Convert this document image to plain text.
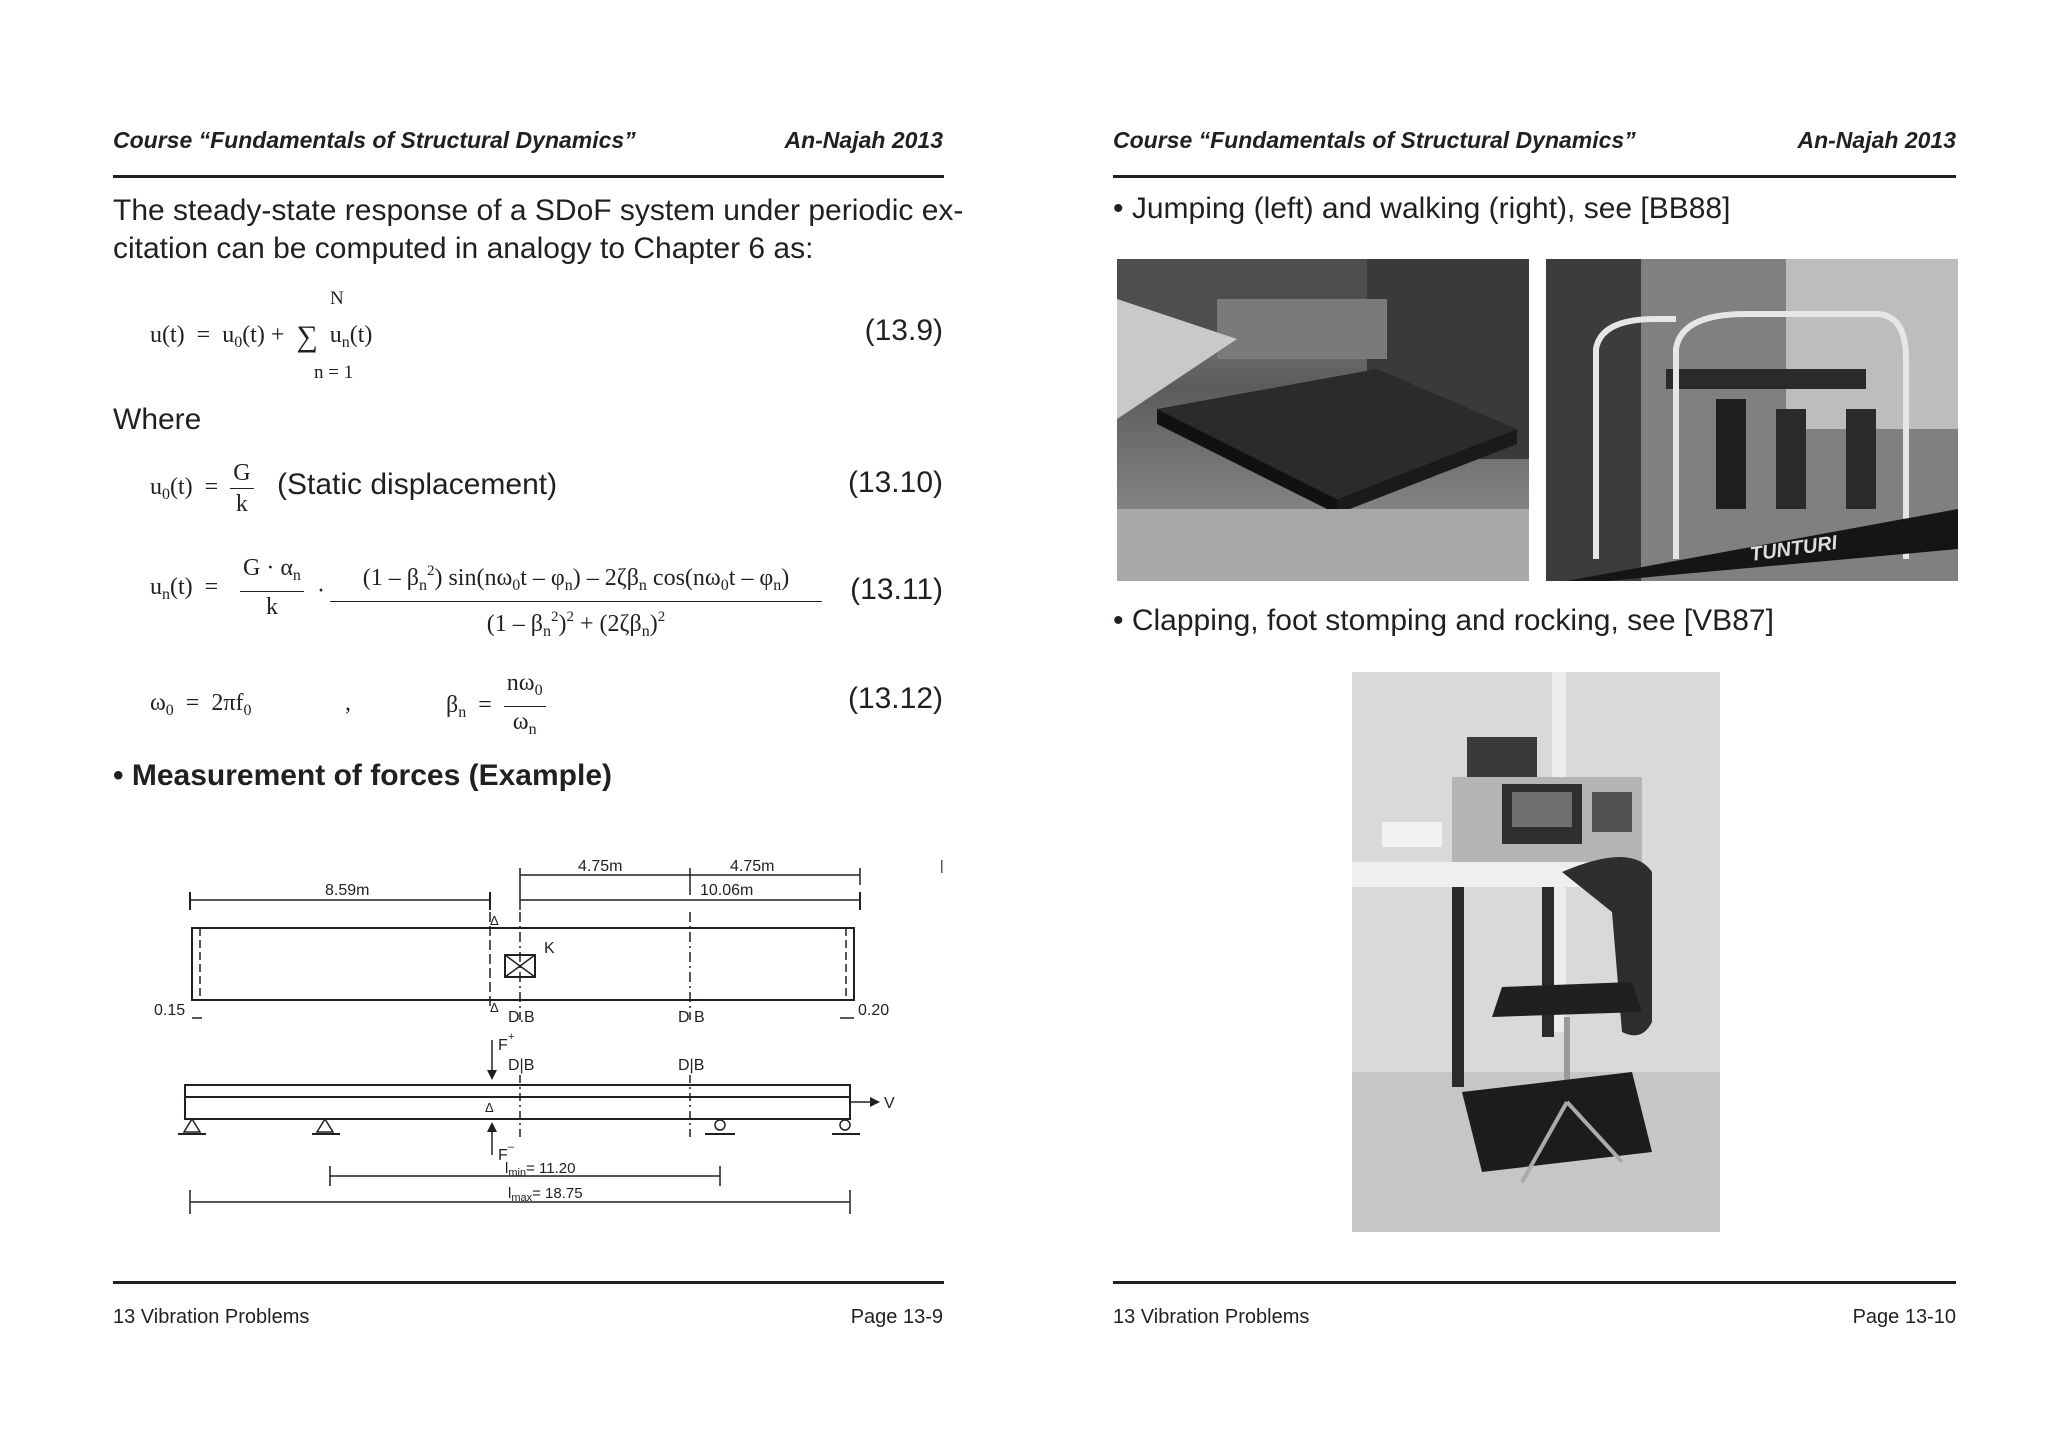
Course “Fundamentals of Structural Dynamics”	An-Najah 2013
The steady-state response of a SDoF system under periodic ex-
citation can be computed in analogy to Chapter 6 as:
N
$u(t) = u_0(t)$ +  ∑  $u_n(t)$
n = 1
(13.9)
Where
$u_0(t) = \frac{G}{k}$ (Static displacement)	(13.10)
$u_n(t) = \frac{G \cdot \alpha_n}{k} \cdot \frac{(1 - \beta_n^2) \sin(n\omega_0t - \varphi_n) - 2\zeta\beta_n \cos(n\omega_0t - \varphi_n)}{(1 - \beta_n^2)^2 + (2\zeta\beta_n)^2} (13.11)$
$\omega_0 = 2\pi f_0$	,	$\beta_n = \frac{n\omega_0}{\omega_n}$	(13.12)
• Measurement of forces (Example)
8.59m
4.75m	4.75m
10.06m
|
Δ
Δ
K
0.15	0.20
D.B	D B
F +
D|B	D|B
V
Δ
F –
$l_{min}= 11.20$
$l_{max}= 18.75$
13 Vibration Problems	Page 13-9
Course “Fundamentals of Structural Dynamics”	An-Najah 2013
• Jumping (left) and walking (right), see [BB88]
TUNTURI
• Clapping, foot stomping and rocking, see [VB87]
13 Vibration Problems	Page 13-10
